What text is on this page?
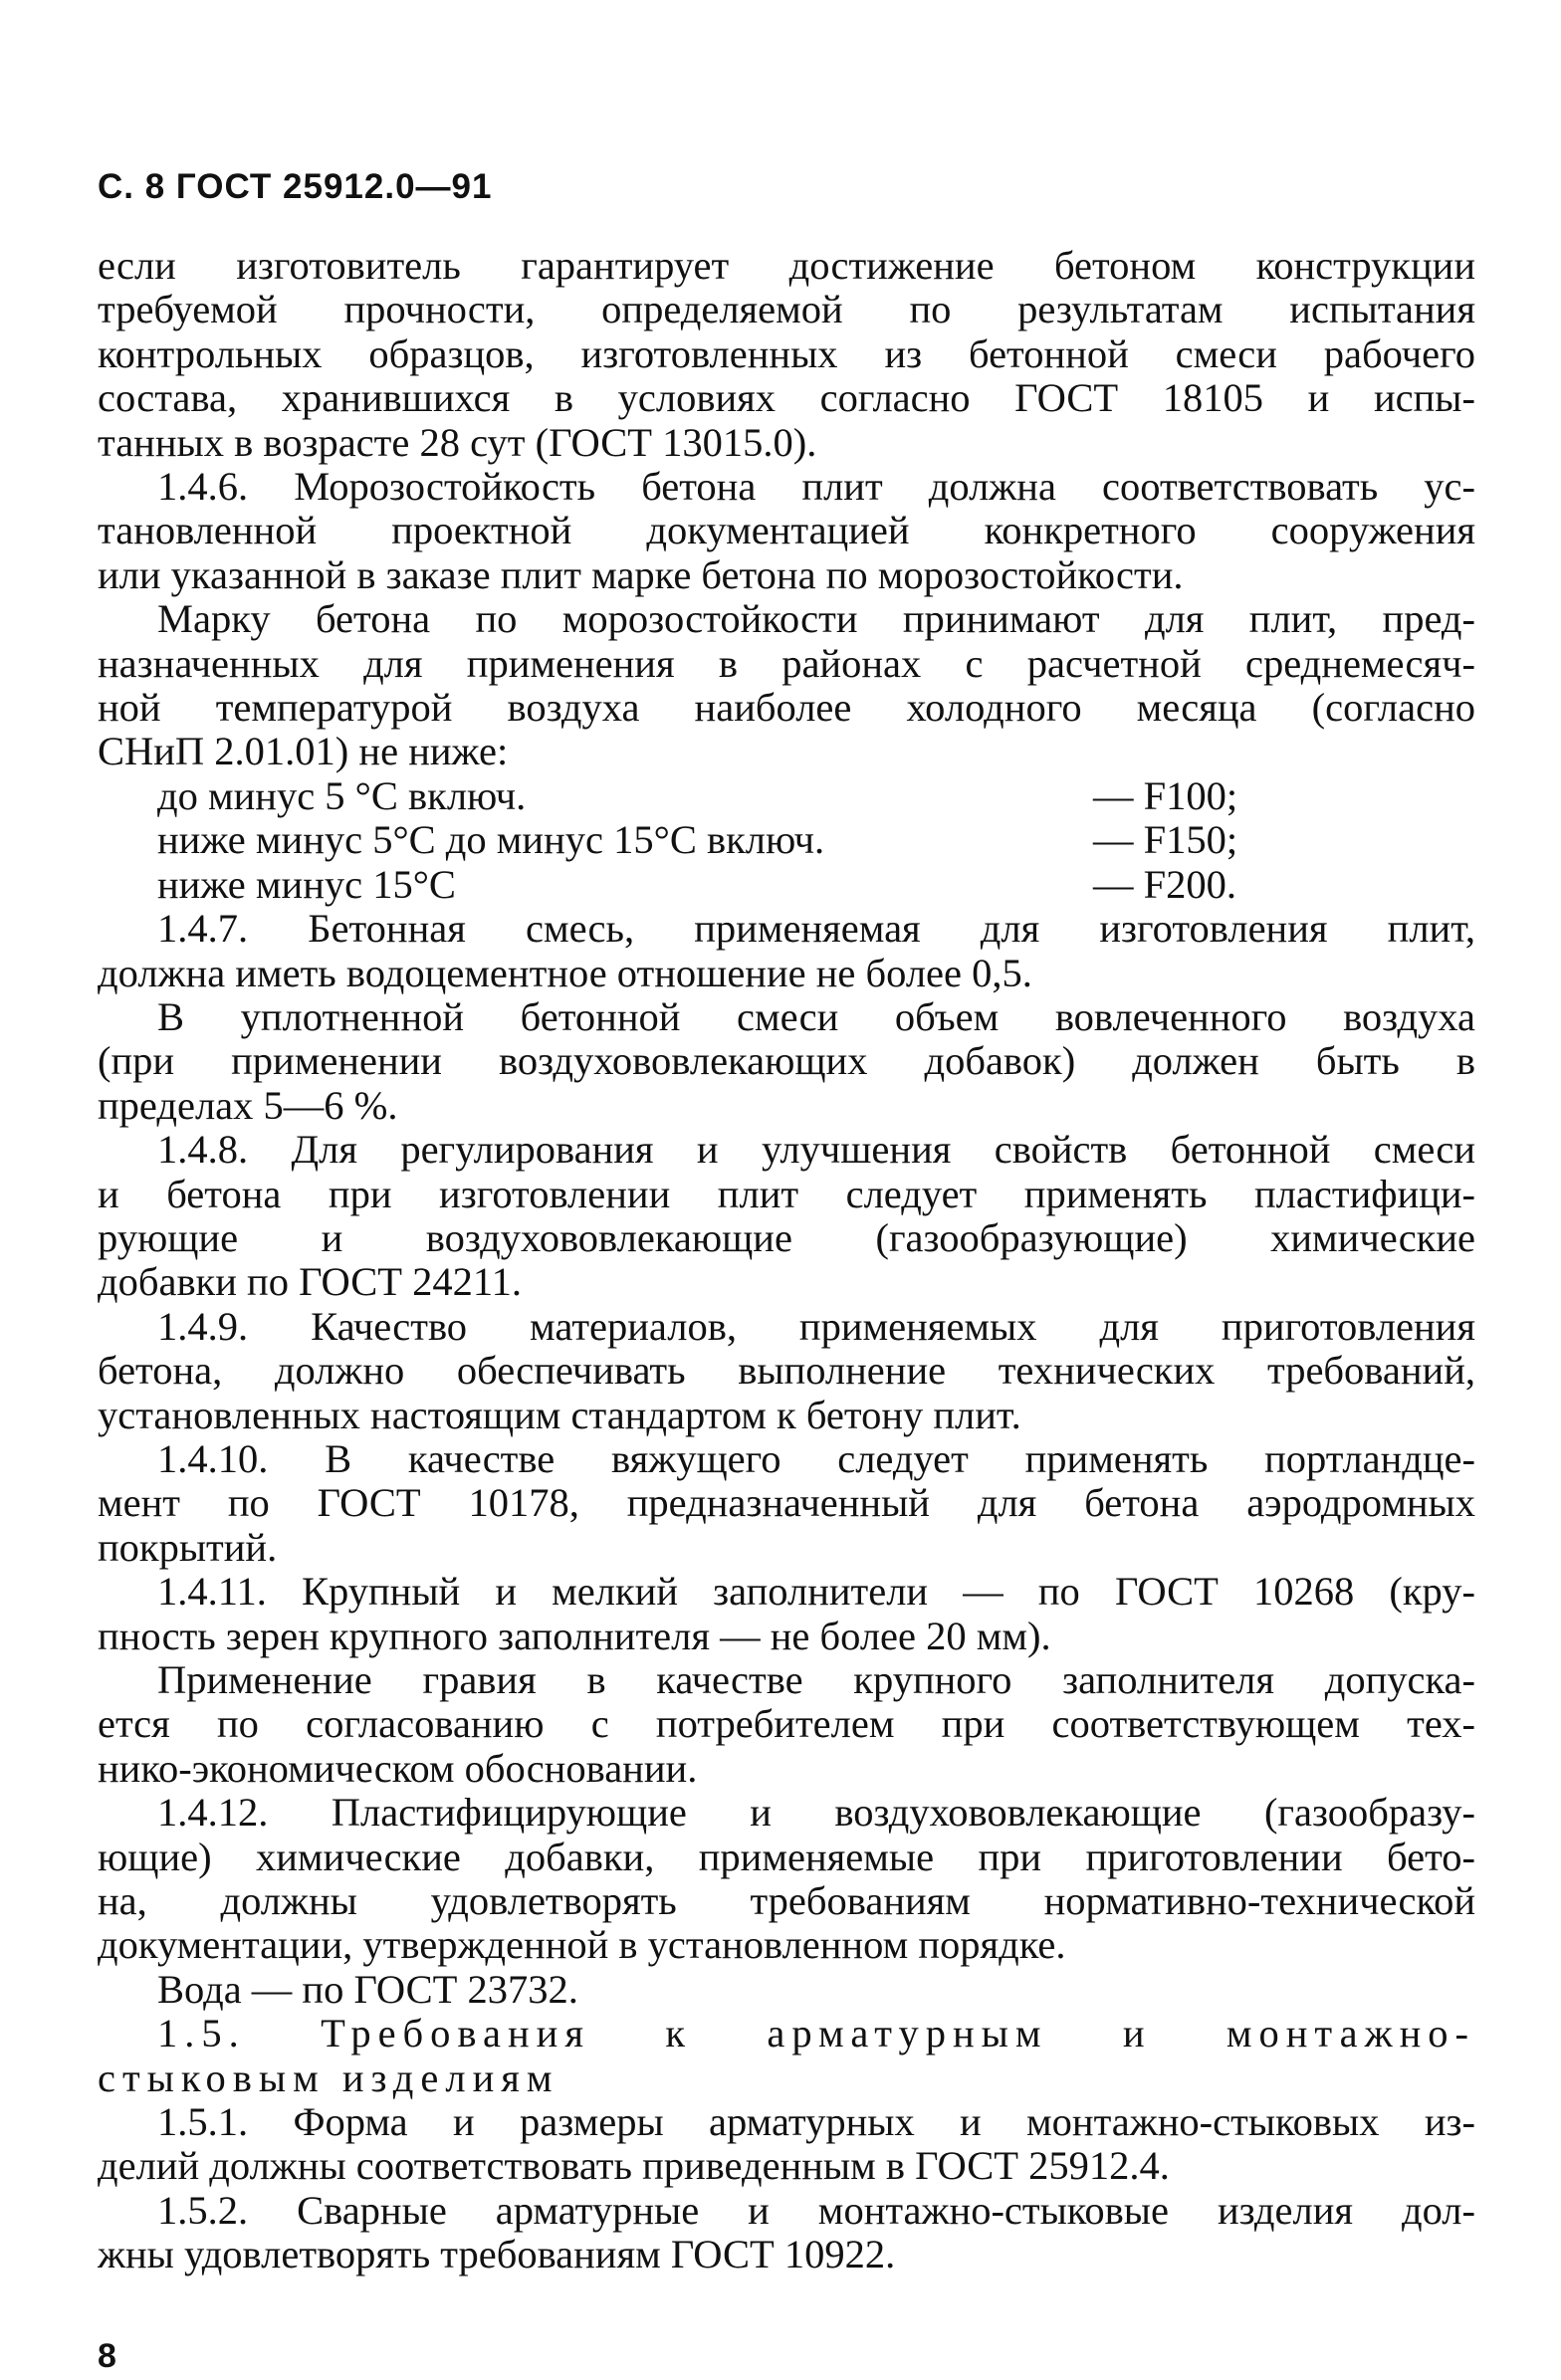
С. 8 ГОСТ 25912.0—91
если изготовитель гарантирует достижение бетоном конструкции
требуемой прочности, определяемой по результатам испытания
контрольных образцов, изготовленных из бетонной смеси рабочего
состава, хранившихся в условиях согласно ГОСТ 18105 и испы-
танных в возрасте 28 сут (ГОСТ 13015.0).
1.4.6. Морозостойкость бетона плит должна соответствовать ус-
тановленной проектной документацией конкретного сооружения
или указанной в заказе плит марке бетона по морозостойкости.
Марку бетона по морозостойкости принимают для плит, пред-
назначенных для применения в районах с расчетной среднемесяч-
ной температурой воздуха наиболее холодного месяца (согласно
СНиП 2.01.01) не ниже:
до минус 5 °С включ.	— F100;
ниже минус 5°С до минус 15°С включ.	— F150;
ниже минус 15°С	— F200.
1.4.7. Бетонная смесь, применяемая для изготовления плит,
должна иметь водоцементное отношение не более 0,5.
В уплотненной бетонной смеси объем вовлеченного воздуха
(при применении воздухововлекающих добавок) должен быть в
пределах 5—6 %.
1.4.8. Для регулирования и улучшения свойств бетонной смеси
и бетона при изготовлении плит следует применять пластифици-
рующие и воздухововлекающие (газообразующие) химические
добавки по ГОСТ 24211.
1.4.9. Качество материалов, применяемых для приготовления
бетона, должно обеспечивать выполнение технических требований,
установленных настоящим стандартом к бетону плит.
1.4.10. В качестве вяжущего следует применять портландце-
мент по ГОСТ 10178, предназначенный для бетона аэродромных
покрытий.
1.4.11. Крупный и мелкий заполнители — по ГОСТ 10268 (кру-
пность зерен крупного заполнителя — не более 20 мм).
Применение гравия в качестве крупного заполнителя допуска-
ется по согласованию с потребителем при соответствующем тех-
нико-экономическом обосновании.
1.4.12. Пластифицирующие и воздухововлекающие (газообразу-
ющие) химические добавки, применяемые при приготовлении бето-
на, должны удовлетворять требованиям нормативно-технической
документации, утвержденной в установленном порядке.
Вода — по ГОСТ 23732.
1.5. Требования к арматурным и монтажно-
стыковым изделиям
1.5.1. Форма и размеры арматурных и монтажно-стыковых из-
делий должны соответствовать приведенным в ГОСТ 25912.4.
1.5.2. Сварные арматурные и монтажно-стыковые изделия дол-
жны удовлетворять требованиям ГОСТ 10922.
8
